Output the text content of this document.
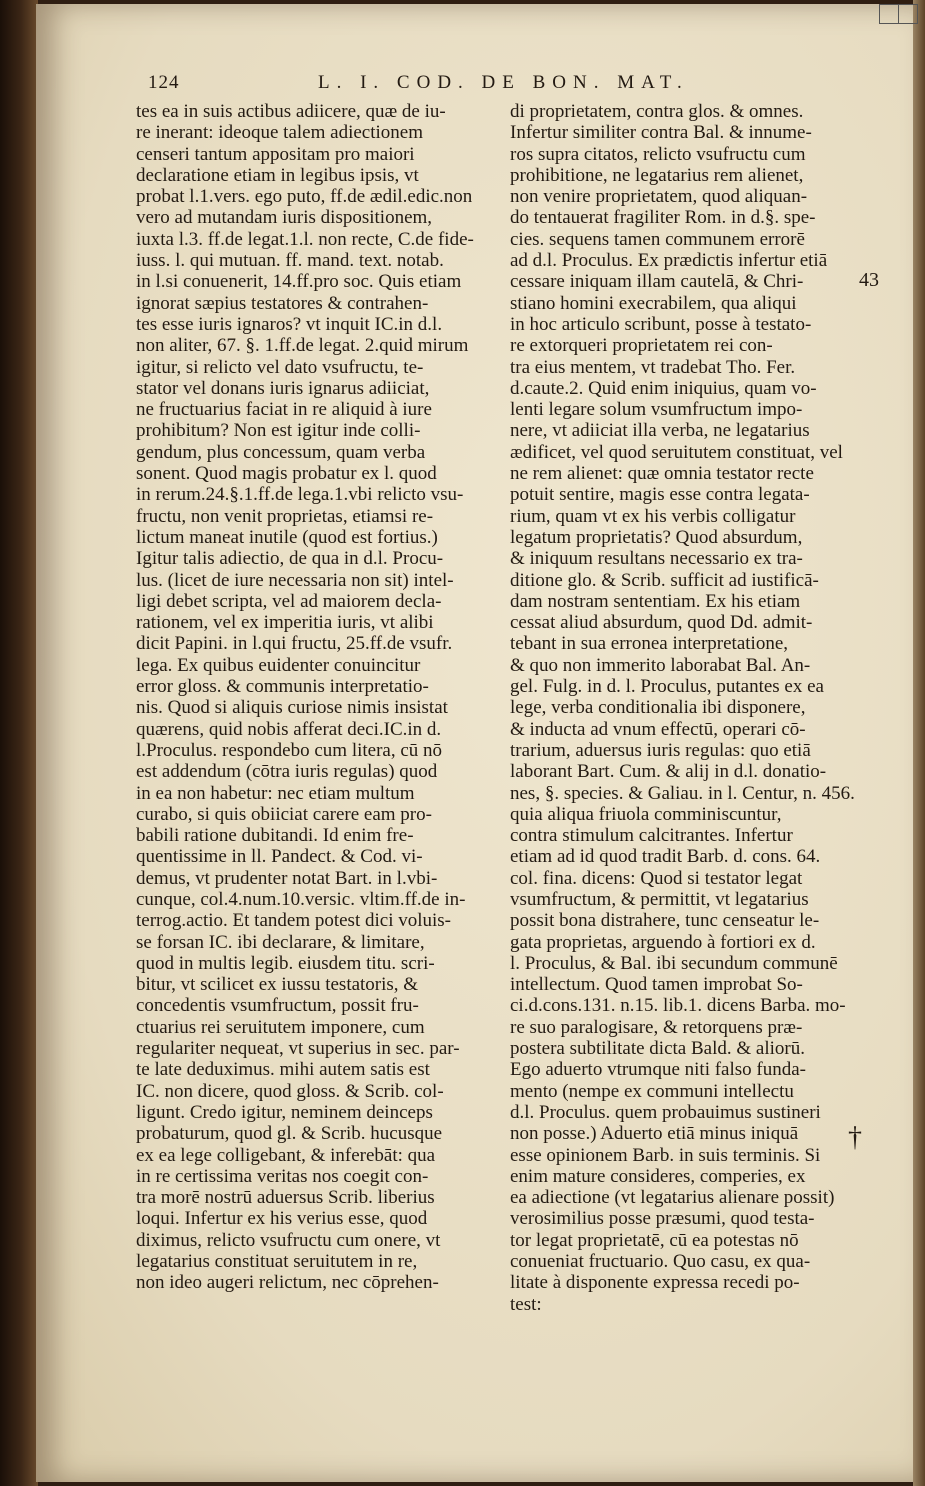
124	L. I. COD. DE BON. MAT.
tes ea in suis actibus adiicere, quæ de iu-
re inerant: ideoque talem adiectionem
censeri tantum appositam pro maiori
declaratione etiam in legibus ipsis, vt
probat l.1.vers. ego puto, ff.de ædil.edic.non
vero ad mutandam iuris dispositionem,
iuxta l.3. ff.de legat.1.l. non recte, C.de fide-
iuss. l. qui mutuan. ff. mand. text. notab.
in l.si conuenerit, 14.ff.pro soc. Quis etiam
ignorat sæpius testatores & contrahen-
tes esse iuris ignaros? vt inquit IC.in d.l.
non aliter, 67. §. 1.ff.de legat. 2.quid mirum
igitur, si relicto vel dato vsufructu, te-
stator vel donans iuris ignarus adiiciat,
ne fructuarius faciat in re aliquid à iure
prohibitum? Non est igitur inde colli-
gendum, plus concessum, quam verba
sonent. Quod magis probatur ex l. quod
in rerum.24.§.1.ff.de lega.1.vbi relicto vsu-
fructu, non venit proprietas, etiamsi re-
lictum maneat inutile (quod est fortius.)
Igitur talis adiectio, de qua in d.l. Procu-
lus. (licet de iure necessaria non sit) intel-
ligi debet scripta, vel ad maiorem decla-
rationem, vel ex imperitia iuris, vt alibi
dicit Papini. in l.qui fructu, 25.ff.de vsufr.
lega. Ex quibus euidenter conuincitur
error gloss. & communis interpretatio-
nis. Quod si aliquis curiose nimis insistat
quærens, quid nobis afferat deci.IC.in d.
l.Proculus. respondebo cum litera, cū nō
est addendum (cōtra iuris regulas) quod
in ea non habetur: nec etiam multum
curabo, si quis obiiciat carere eam pro-
babili ratione dubitandi. Id enim fre-
quentissime in ll. Pandect. & Cod. vi-
demus, vt prudenter notat Bart. in l.vbi-
cunque, col.4.num.10.versic. vltim.ff.de in-
terrog.actio. Et tandem potest dici voluis-
se forsan IC. ibi declarare, & limitare,
quod in multis legib. eiusdem titu. scri-
bitur, vt scilicet ex iussu testatoris, &
concedentis vsumfructum, possit fru-
ctuarius rei seruitutem imponere, cum
regulariter nequeat, vt superius in sec. par-
te late deduximus. mihi autem satis est
IC. non dicere, quod gloss. & Scrib. col-
ligunt. Credo igitur, neminem deinceps
probaturum, quod gl. & Scrib. hucusque
ex ea lege colligebant, & inferebāt: qua
in re certissima veritas nos coegit con-
tra morē nostrū aduersus Scrib. liberius
loqui. Infertur ex his verius esse, quod
diximus, relicto vsufructu cum onere, vt
legatarius constituat seruitutem in re,
non ideo augeri relictum, nec cōprehen-
di proprietatem, contra glos. & omnes.
Infertur similiter contra Bal. & innume-
ros supra citatos, relicto vsufructu cum
prohibitione, ne legatarius rem alienet,
non venire proprietatem, quod aliquan-
do tentauerat fragiliter Rom. in d.§. spe-
cies. sequens tamen communem errorē
ad d.l. Proculus. Ex prædictis infertur etiā
cessare iniquam illam cautelā, & Chri-
stiano homini execrabilem, qua aliqui
in hoc articulo scribunt, posse à testato-
re extorqueri proprietatem rei con-
tra eius mentem, vt tradebat Tho. Fer.
d.caute.2. Quid enim iniquius, quam vo-
lenti legare solum vsumfructum impo-
nere, vt adiiciat illa verba, ne legatarius
ædificet, vel quod seruitutem constituat, vel
ne rem alienet: quæ omnia testator recte
potuit sentire, magis esse contra legata-
rium, quam vt ex his verbis colligatur
legatum proprietatis? Quod absurdum,
& iniquum resultans necessario ex tra-
ditione glo. & Scrib. sufficit ad iustificā-
dam nostram sententiam. Ex his etiam
cessat aliud absurdum, quod Dd. admit-
tebant in sua erronea interpretatione,
& quo non immerito laborabat Bal. An-
gel. Fulg. in d. l. Proculus, putantes ex ea
lege, verba conditionalia ibi disponere,
& inducta ad vnum effectū, operari cō-
trarium, aduersus iuris regulas: quo etiā
laborant Bart. Cum. & alij in d.l. donatio-
nes, §. species. & Galiau. in l. Centur, n. 456.
quia aliqua friuola comminiscuntur,
contra stimulum calcitrantes. Infertur
etiam ad id quod tradit Barb. d. cons. 64.
col. fina. dicens: Quod si testator legat
vsumfructum, & permittit, vt legatarius
possit bona distrahere, tunc censeatur le-
gata proprietas, arguendo à fortiori ex d.
l. Proculus, & Bal. ibi secundum communē
intellectum. Quod tamen improbat So-
ci.d.cons.131. n.15. lib.1. dicens Barba. mo-
re suo paralogisare, & retorquens præ-
postera subtilitate dicta Bald. & aliorū.
Ego aduerto vtrumque niti falso funda-
mento (nempe ex communi intellectu
d.l. Proculus. quem probauimus sustineri
non posse.) Aduerto etiā minus iniquā
esse opinionem Barb. in suis terminis. Si
enim mature consideres, comperies, ex
ea adiectione (vt legatarius alienare possit)
verosimilius posse præsumi, quod testa-
tor legat proprietatē, cū ea potestas nō
conueniat fructuario. Quo casu, ex qua-
litate à disponente expressa recedi po-
test:
43
†
